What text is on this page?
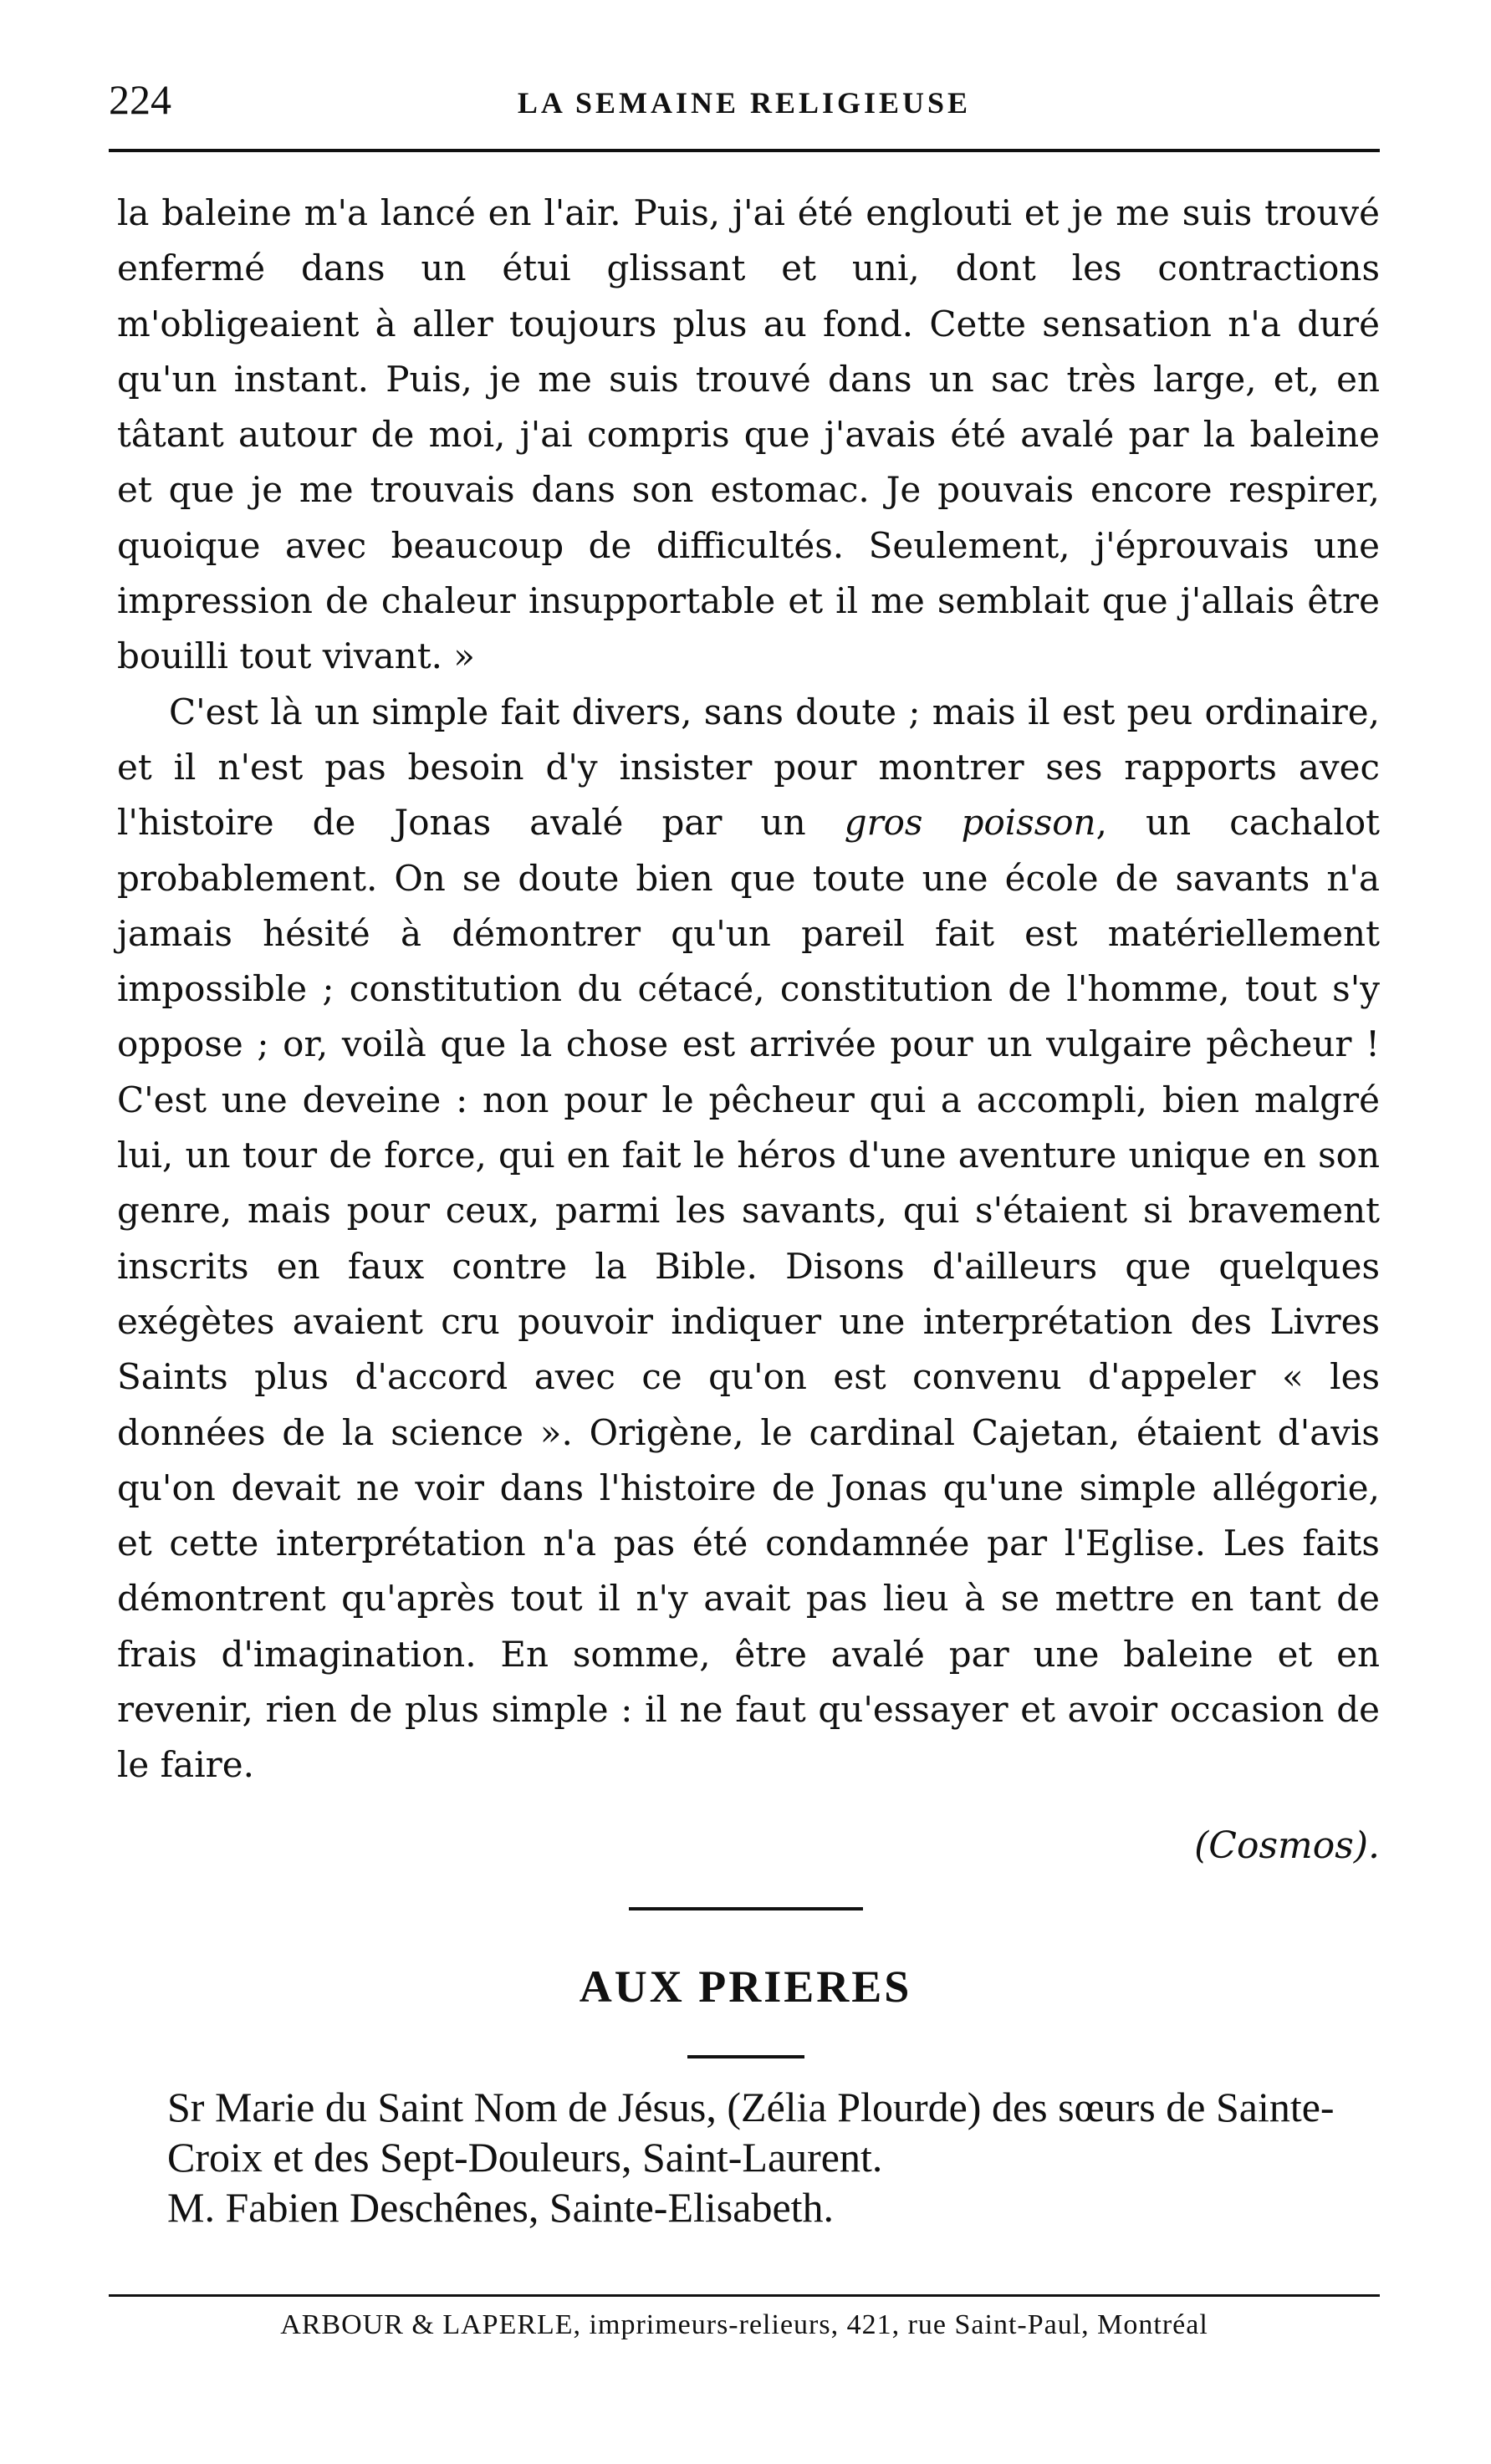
224	LA SEMAINE RELIGIEUSE

la baleine m'a lancé en l'air. Puis, j'ai été englouti et je me suis trouvé enfermé dans un étui glissant et uni, dont les contractions m'obligeaient à aller toujours plus au fond. Cette sensation n'a duré qu'un instant. Puis, je me suis trouvé dans un sac très large, et, en tâtant autour de moi, j'ai compris que j'avais été avalé par la baleine et que je me trouvais dans son estomac. Je pouvais encore respirer, quoique avec beaucoup de difficultés. Seulement, j'éprouvais une impression de chaleur insupportable et il me semblait que j'allais être bouilli tout vivant. »

C'est là un simple fait divers, sans doute ; mais il est peu ordinaire, et il n'est pas besoin d'y insister pour montrer ses rapports avec l'histoire de Jonas avalé par un gros poisson, un cachalot probablement. On se doute bien que toute une école de savants n'a jamais hésité à démontrer qu'un pareil fait est matériellement impossible ; constitution du cétacé, constitution de l'homme, tout s'y oppose ; or, voilà que la chose est arrivée pour un vulgaire pêcheur ! C'est une deveine : non pour le pêcheur qui a accompli, bien malgré lui, un tour de force, qui en fait le héros d'une aventure unique en son genre, mais pour ceux, parmi les savants, qui s'étaient si bravement inscrits en faux contre la Bible. Disons d'ailleurs que quelques exégètes avaient cru pouvoir indiquer une interprétation des Livres Saints plus d'accord avec ce qu'on est convenu d'appeler « les données de la science ». Origène, le cardinal Cajetan, étaient d'avis qu'on devait ne voir dans l'histoire de Jonas qu'une simple allégorie, et cette interprétation n'a pas été condamnée par l'Eglise. Les faits démontrent qu'après tout il n'y avait pas lieu à se mettre en tant de frais d'imagination. En somme, être avalé par une baleine et en revenir, rien de plus simple : il ne faut qu'essayer et avoir occasion de le faire.

(Cosmos).
AUX PRIERES

Sr Marie du Saint Nom de Jésus, (Zélia Plourde) des sœurs de Sainte-Croix et des Sept-Douleurs, Saint-Laurent.

M. Fabien Deschênes, Sainte-Elisabeth.

ARBOUR & LAPERLE, imprimeurs-relieurs, 421, rue Saint-Paul, Montréal
